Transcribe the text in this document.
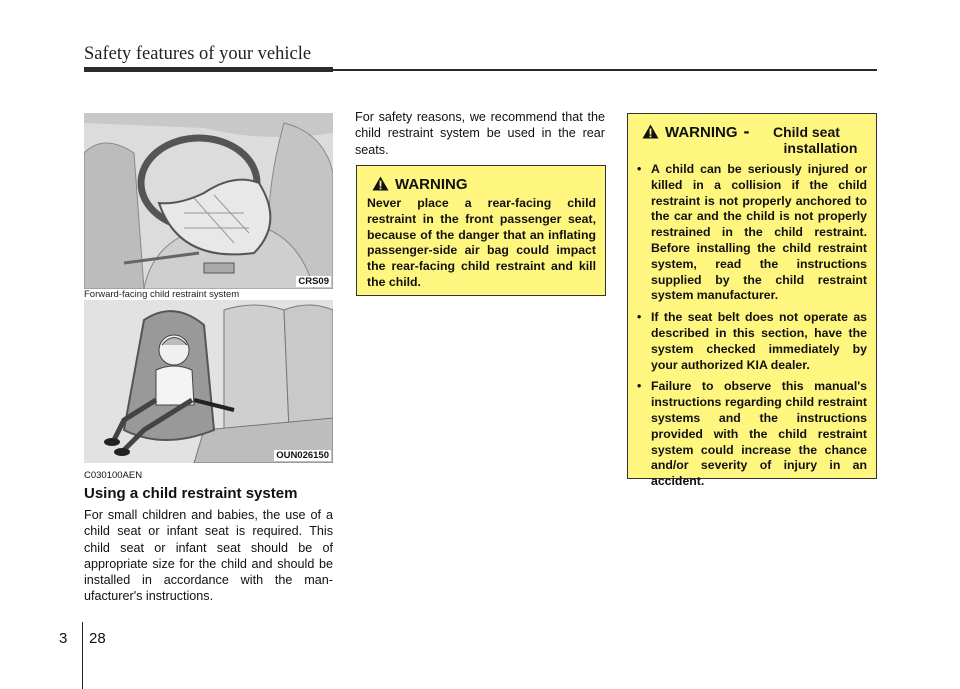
Safety features of your vehicle
CRS09
Forward-facing child restraint system
OUN026150
C030100AEN
Using a child restraint system
For small children and babies, the use of a child seat or infant seat is required. This child seat or infant seat should be of appropriate size for the child and should be installed in accordance with the man- ufacturer's instructions.
For safety reasons, we recommend that the child restraint system be used in the rear seats.
WARNING
Never place a rear-facing child restraint in the front passenger seat, because of the danger that an inflating passenger-side air bag could impact the rear-facing child restraint and kill the child.
WARNING - Child seat
installation
• A child can be seriously injured or killed in a collision if the child restraint is not properly anchored to the car and the child is not properly restrained in the child restraint. Before installing the child restraint system, read the instructions supplied by the child restraint system manufacturer.
• If the seat belt does not operate as described in this section, have the system checked immediately by your authorized KIA dealer.
• Failure to observe this manual's instructions regarding child restraint systems and the instructions provided with the child restraint system could increase the chance and/or severity of injury in an accident.
3 28
